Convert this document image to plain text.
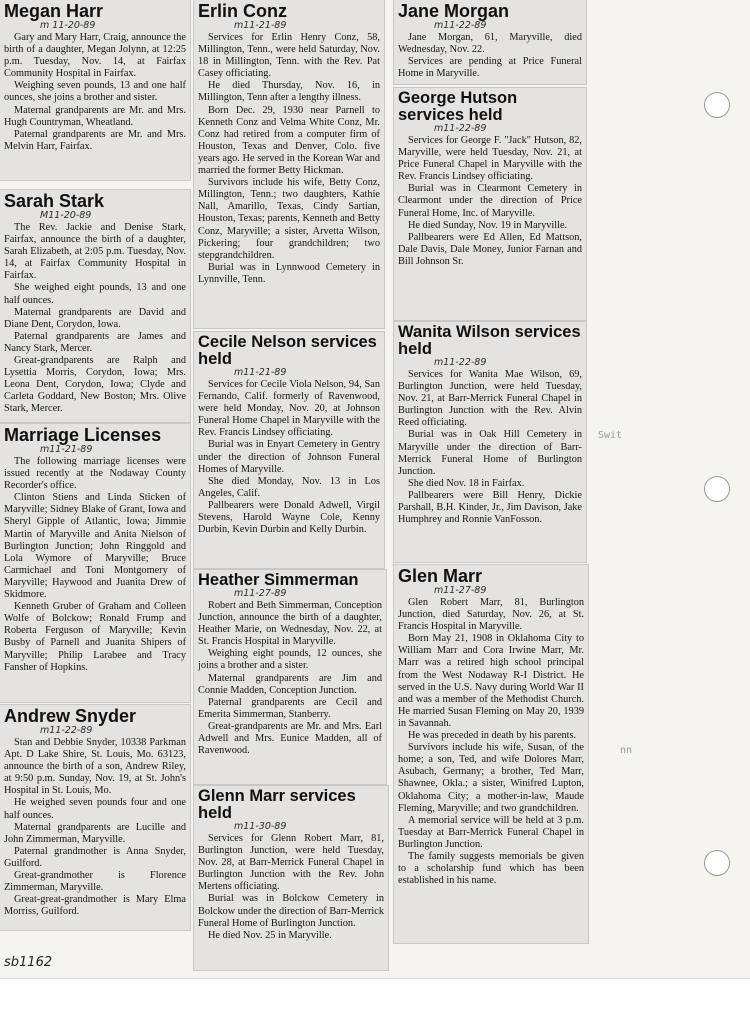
Swit
nn
Megan Harr
m 11-20-89

Gary and Mary Harr, Craig, announce the birth of a daughter, Megan Jolynn, at 12:25 p.m. Tuesday, Nov. 14, at Fairfax Community Hospital in Fairfax.

Weighing seven pounds, 13 and one half ounces, she joins a brother and sister.

Maternal grandparents are Mr. and Mrs. Hugh Countryman, Wheatland.

Paternal grandparents are Mr. and Mrs. Melvin Harr, Fairfax.

Sarah Stark
M11-20-89

The Rev. Jackie and Denise Stark, Fairfax, announce the birth of a daughter, Sarah Elizabeth, at 2:05 p.m. Tuesday, Nov. 14, at Fairfax Community Hospital in Fairfax.

She weighed eight pounds, 13 and one half ounces.

Maternal grandparents are David and Diane Dent, Corydon, Iowa.

Paternal grandparents are James and Nancy Stark, Mercer.

Great-grandparents are Ralph and Lysettia Morris, Corydon, Iowa; Mrs. Leona Dent, Corydon, Iowa; Clyde and Carleta Goddard, New Boston; Mrs. Olive Stark, Mercer.

Marriage Licenses
m11-21-89

The following marriage licenses were issued recently at the Nodaway County Recorder's office.

Clinton Stiens and Linda Sticken of Maryville; Sidney Blake of Grant, Iowa and Sheryl Gipple of Atlantic, Iowa; Jimmie Martin of Maryville and Anita Nielson of Burlington Junction; John Ringgold and Lola Wymore of Maryville; Bruce Carmichael and Toni Montgomery of Maryville; Haywood and Juanita Drew of Skidmore.

Kenneth Gruber of Graham and Colleen Wolfe of Bolckow; Ronald Frump and Roberta Ferguson of Maryville; Kevin Busby of Parnell and Juanita Shipers of Maryville; Philip Larabee and Tracy Fansher of Hopkins.

Andrew Snyder
m11-22-89

Stan and Debbie Snyder, 10338 Parkman Apt. D Lake Shire, St. Louis, Mo. 63123, announce the birth of a son, Andrew Riley, at 9:50 p.m. Sunday, Nov. 19, at St. John's Hospital in St. Louis, Mo.

He weighed seven pounds four and one half ounces.

Maternal grandparents are Lucille and John Zimmerman, Maryville.

Paternal grandmother is Anna Snyder, Guilford.

Great-grandmother is Florence Zimmerman, Maryville.

Great-great-grandmother is Mary Elma Morriss, Guilford.

Erlin Conz
m11-21-89

Services for Erlin Henry Conz, 58, Millington, Tenn., were held Saturday, Nov. 18 in Millington, Tenn. with the Rev. Pat Casey officiating.

He died Thursday, Nov. 16, in Millington, Tenn after a lengthy illness.

Born Dec. 29, 1930 near Parnell to Kenneth Conz and Velma White Conz, Mr. Conz had retired from a computer firm of Houston, Texas and Denver, Colo. five years ago. He served in the Korean War and married the former Betty Hickman.

Survivors include his wife, Betty Conz, Millington, Tenn.; two daughters, Kathie Nall, Amarillo, Texas, Cindy Sartian, Houston, Texas; parents, Kenneth and Betty Conz, Maryville; a sister, Arvetta Wilson, Pickering; four grandchildren; two stepgrandchildren.

Burial was in Lynnwood Cemetery in Lynnville, Tenn.

Cecile Nelson services held
m11-21-89

Services for Cecile Viola Nelson, 94, San Fernando, Calif. formerly of Ravenwood, were held Monday, Nov. 20, at Johnson Funeral Home Chapel in Maryville with the Rev. Francis Lindsey officiating.

Burial was in Enyart Cemetery in Gentry under the direction of Johnson Funeral Homes of Maryville.

She died Monday, Nov. 13 in Los Angeles, Calif.

Pallbearers were Donald Adwell, Virgil Stevens, Harold Wayne Cole, Kenny Durbin, Kevin Durbin and Kelly Durbin.

Heather Simmerman
m11-27-89

Robert and Beth Simmerman, Conception Junction, announce the birth of a daughter, Heather Marie, on Wednesday, Nov. 22, at St. Francis Hospital in Maryville.

Weighing eight pounds, 12 ounces, she joins a brother and a sister.

Maternal grandparents are Jim and Connie Madden, Conception Junction.

Paternal grandparents are Cecil and Emerita Simmerman, Stanberry.

Great-grandparents are Mr. and Mrs. Earl Adwell and Mrs. Eunice Madden, all of Ravenwood.

Glenn Marr services held
m11-30-89

Services for Glenn Robert Marr, 81, Burlington Junction, were held Tuesday, Nov. 28, at Barr-Merrick Funeral Chapel in Burlington Junction with the Rev. John Mertens officiating.

Burial was in Bolckow Cemetery in Bolckow under the direction of Barr-Merrick Funeral Home of Burlington Junction.

He died Nov. 25 in Maryville.

Jane Morgan
m11-22-89

Jane Morgan, 61, Maryville, died Wednesday, Nov. 22.

Services are pending at Price Funeral Home in Maryville.

George Hutson services held
m11-22-89

Services for George F. "Jack" Hutson, 82, Maryville, were held Tuesday, Nov. 21, at Price Funeral Chapel in Maryville with the Rev. Francis Lindsey officiating.

Burial was in Clearmont Cemetery in Clearmont under the direction of Price Funeral Home, Inc. of Maryville.

He died Sunday, Nov. 19 in Maryville.

Pallbearers were Ed Allen, Ed Mattson, Dale Davis, Dale Money, Junior Farnan and Bill Johnson Sr.

Wanita Wilson services held
m11-22-89

Services for Wanita Mae Wilson, 69, Burlington Junction, were held Tuesday, Nov. 21, at Barr-Merrick Funeral Chapel in Burlington Junction with the Rev. Alvin Reed officiating.

Burial was in Oak Hill Cemetery in Maryville under the direction of Barr-Merrick Funeral Home of Burlington Junction.

She died Nov. 18 in Fairfax.

Pallbearers were Bill Henry, Dickie Parshall, B.H. Kinder, Jr., Jim Davison, Jake Humphrey and Ronnie VanFosson.

Glen Marr
m11-27-89

Glen Robert Marr, 81, Burlington Junction, died Saturday, Nov. 26, at St. Francis Hospital in Maryville.

Born May 21, 1908 in Oklahoma City to William Marr and Cora Irwine Marr, Mr. Marr was a retired high school principal from the West Nodaway R-I District. He served in the U.S. Navy during World War II and was a member of the Methodist Church. He married Susan Fleming on May 20, 1939 in Savannah.

He was preceded in death by his parents.

Survivors include his wife, Susan, of the home; a son, Ted, and wife Dolores Marr, Asubach, Germany; a brother, Ted Marr, Shawnee, Okla.; a sister, Winifred Lupton, Oklahoma City; a mother-in-law, Maude Fleming, Maryville; and two grandchildren.

A memorial service will be held at 3 p.m. Tuesday at Barr-Merrick Funeral Chapel in Burlington Junction.

The family suggests memorials be given to a scholarship fund which has been established in his name.

sb1162
